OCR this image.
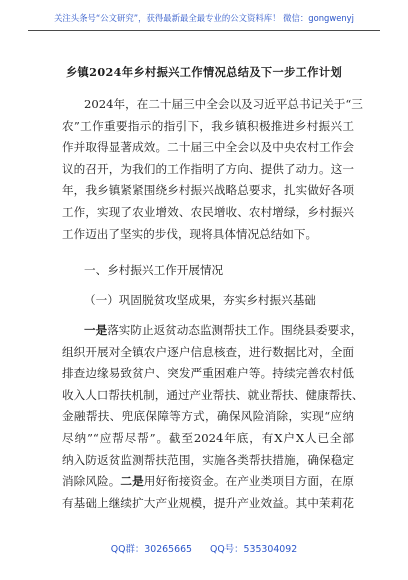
关注头条号“公文研究”，获得最新最全最专业的公文资料库！ 微信：gongwenyj
乡镇2024年乡村振兴工作情况总结及下一步工作计划
2024年，在二十届三中全会以及习近平总书记关于“三
农”工作重要指示的指引下，我乡镇积极推进乡村振兴工
作并取得显著成效。二十届三中全会以及中央农村工作会
议的召开，为我们的工作指明了方向、提供了动力。这一
年，我乡镇紧紧围绕乡村振兴战略总要求，扎实做好各项
工作，实现了农业增效、农民增收、农村增绿，乡村振兴
工作迈出了坚实的步伐，现将具体情况总结如下。
一、乡村振兴工作开展情况
（一）巩固脱贫攻坚成果，夯实乡村振兴基础
一是落实防止返贫动态监测帮扶工作。围绕县委要求，
组织开展对全镇农户逐户信息核查，进行数据比对，全面
排查边缘易致贫户、突发严重困难户等。持续完善农村低
收入人口帮扶机制，通过产业帮扶、就业帮扶、健康帮扶、
金融帮扶、兜底保障等方式，确保风险消除，实现“应纳
尽纳”“应帮尽帮”。截至2024年底，有X户X人已全部
纳入防返贫监测帮扶范围，实施各类帮扶措施，确保稳定
消除风险。二是用好衔接资金。在产业类项目方面，在原
有基础上继续扩大产业规模，提升产业效益。其中茉莉花
QQ群：30265665 QQ号：535304092
